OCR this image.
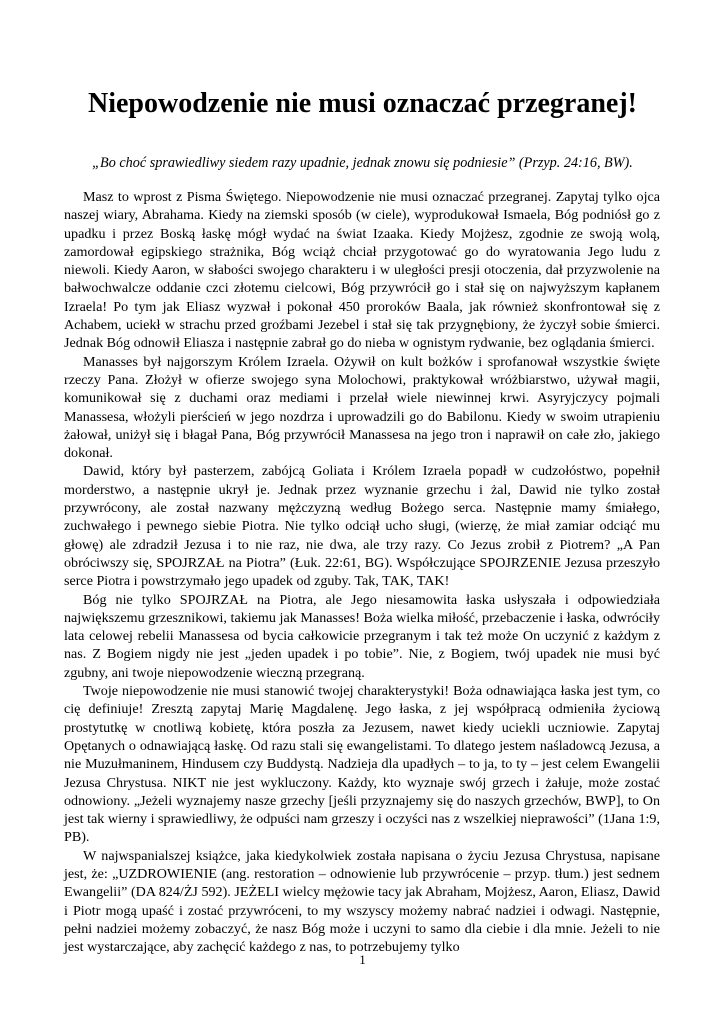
Niepowodzenie nie musi oznaczać przegranej!

„Bo choć sprawiedliwy siedem razy upadnie, jednak znowu się podniesie” (Przyp. 24:16, BW).

Masz to wprost z Pisma Świętego. Niepowodzenie nie musi oznaczać przegranej. Zapytaj tylko ojca naszej wiary, Abrahama. Kiedy na ziemski sposób (w ciele), wyprodukował Ismaela, Bóg podniósł go z upadku i przez Boską łaskę mógł wydać na świat Izaaka. Kiedy Mojżesz, zgodnie ze swoją wolą, zamordował egipskiego strażnika, Bóg wciąż chciał przygotować go do wyratowania Jego ludu z niewoli. Kiedy Aaron, w słabości swojego charakteru i w uległości presji otoczenia, dał przyzwolenie na bałwochwalcze oddanie czci złotemu cielcowi, Bóg przywrócił go i stał się on najwyższym kapłanem Izraela! Po tym jak Eliasz wyzwał i pokonał 450 proroków Baala, jak również skonfrontował się z Achabem, uciekł w strachu przed groźbami Jezebel i stał się tak przygnębiony, że życzył sobie śmierci. Jednak Bóg odnowił Eliasza i następnie zabrał go do nieba w ognistym rydwanie, bez oglądania śmierci.

Manasses był najgorszym Królem Izraela. Ożywił on kult bożków i sprofanował wszystkie święte rzeczy Pana. Złożył w ofierze swojego syna Molochowi, praktykował wróżbiarstwo, używał magii, komunikował się z duchami oraz mediami i przelał wiele niewinnej krwi. Asyryjczycy pojmali Manassesa, włożyli pierścień w jego nozdrza i uprowadzili go do Babilonu. Kiedy w swoim utrapieniu żałował, uniżył się i błagał Pana, Bóg przywrócił Manassesa na jego tron i naprawił on całe zło, jakiego dokonał.

Dawid, który był pasterzem, zabójcą Goliata i Królem Izraela popadł w cudzołóstwo, popełnił morderstwo, a następnie ukrył je. Jednak przez wyznanie grzechu i żal, Dawid nie tylko został przywrócony, ale został nazwany mężczyzną według Bożego serca. Następnie mamy śmiałego, zuchwałego i pewnego siebie Piotra. Nie tylko odciął ucho sługi, (wierzę, że miał zamiar odciąć mu głowę) ale zdradził Jezusa i to nie raz, nie dwa, ale trzy razy. Co Jezus zrobił z Piotrem? „A Pan obróciwszy się, SPOJRZAŁ na Piotra” (Łuk. 22:61, BG). Współczujące SPOJRZENIE Jezusa przeszyło serce Piotra i powstrzymało jego upadek od zguby. Tak, TAK, TAK!

Bóg nie tylko SPOJRZAŁ na Piotra, ale Jego niesamowita łaska usłyszała i odpowiedziała największemu grzesznikowi, takiemu jak Manasses! Boża wielka miłość, przebaczenie i łaska, odwróciły lata celowej rebelii Manassesa od bycia całkowicie przegranym i tak też może On uczynić z każdym z nas. Z Bogiem nigdy nie jest „jeden upadek i po tobie”. Nie, z Bogiem, twój upadek nie musi być zgubny, ani twoje niepowodzenie wieczną przegraną.

Twoje niepowodzenie nie musi stanowić twojej charakterystyki! Boża odnawiająca łaska jest tym, co cię definiuje! Zresztą zapytaj Marię Magdalenę. Jego łaska, z jej współpracą odmieniła życiową prostytutkę w cnotliwą kobietę, która poszła za Jezusem, nawet kiedy uciekli uczniowie. Zapytaj Opętanych o odnawiającą łaskę. Od razu stali się ewangelistami. To dlatego jestem naśladowcą Jezusa, a nie Muzułmaninem, Hindusem czy Buddystą. Nadzieja dla upadłych – to ja, to ty – jest celem Ewangelii Jezusa Chrystusa. NIKT nie jest wykluczony. Każdy, kto wyznaje swój grzech i żałuje, może zostać odnowiony. „Jeżeli wyznajemy nasze grzechy [jeśli przyznajemy się do naszych grzechów, BWP], to On jest tak wierny i sprawiedliwy, że odpuści nam grzeszy i oczyści nas z wszelkiej nieprawości” (1Jana 1:9, PB).

W najwspanialszej książce, jaka kiedykolwiek została napisana o życiu Jezusa Chrystusa, napisane jest, że: „UZDROWIENIE (ang. restoration – odnowienie lub przywrócenie – przyp. tłum.) jest sednem Ewangelii” (DA 824/ŻJ 592). JEŻELI wielcy mężowie tacy jak Abraham, Mojżesz, Aaron, Eliasz, Dawid i Piotr mogą upaść i zostać przywróceni, to my wszyscy możemy nabrać nadziei i odwagi. Następnie, pełni nadziei możemy zobaczyć, że nasz Bóg może i uczyni to samo dla ciebie i dla mnie. Jeżeli to nie jest wystarczające, aby zachęcić każdego z nas, to potrzebujemy tylko

1
